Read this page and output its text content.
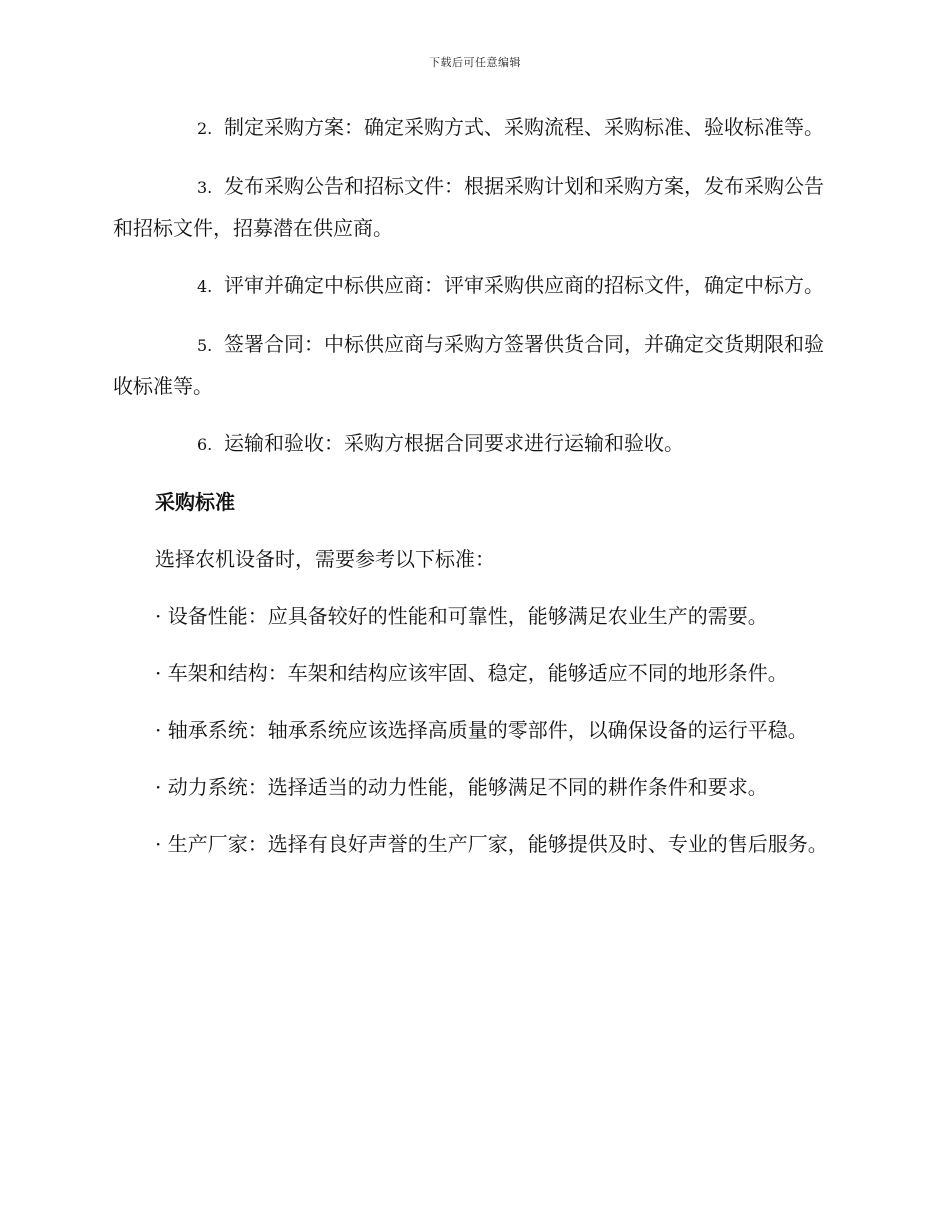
下载后可任意编辑

2. 制定采购方案：确定采购方式、采购流程、采购标准、验收标准等。

3. 发布采购公告和招标文件：根据采购计划和采购方案，发布采购公告和招标文件，招募潜在供应商。

4. 评审并确定中标供应商：评审采购供应商的招标文件，确定中标方。

5. 签署合同：中标供应商与采购方签署供货合同，并确定交货期限和验收标准等。

6. 运输和验收：采购方根据合同要求进行运输和验收。

采购标准

选择农机设备时，需要参考以下标准：

· 设备性能：应具备较好的性能和可靠性，能够满足农业生产的需要。

· 车架和结构：车架和结构应该牢固、稳定，能够适应不同的地形条件。

· 轴承系统：轴承系统应该选择高质量的零部件，以确保设备的运行平稳。

· 动力系统：选择适当的动力性能，能够满足不同的耕作条件和要求。

· 生产厂家：选择有良好声誉的生产厂家，能够提供及时、专业的售后服务。
